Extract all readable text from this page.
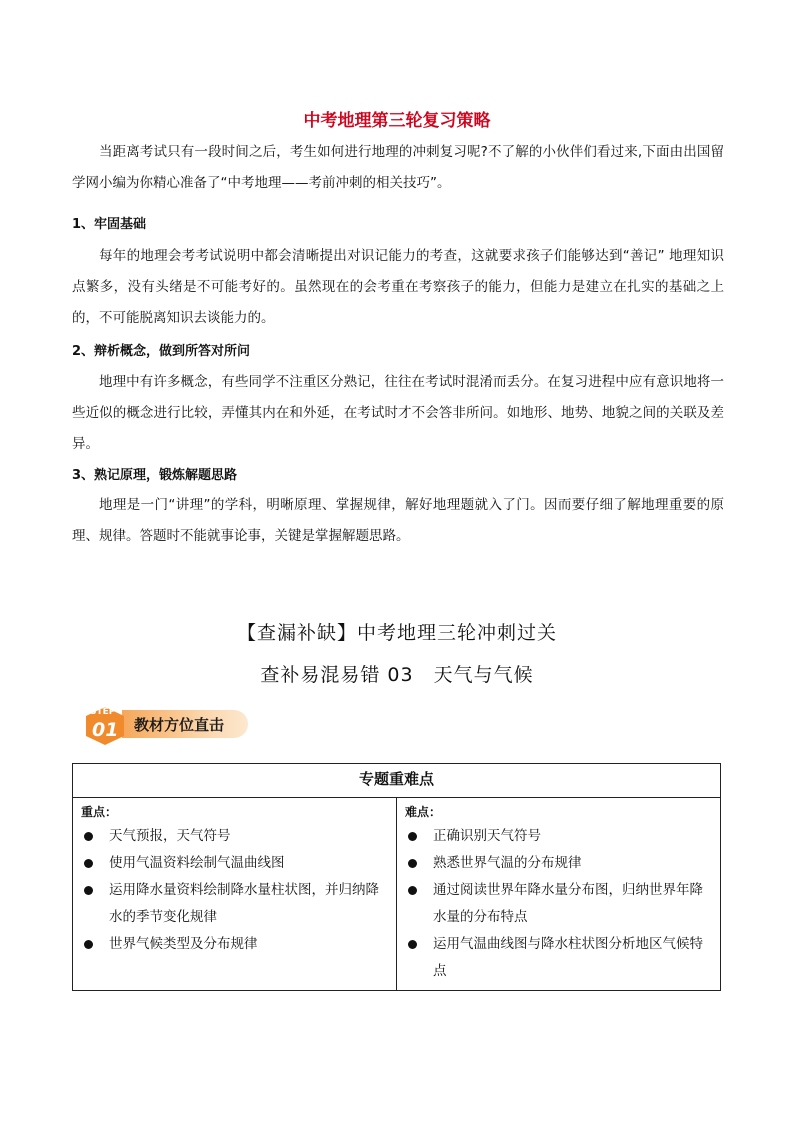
中考地理第三轮复习策略
当距离考试只有一段时间之后，考生如何进行地理的冲刺复习呢?不了解的小伙伴们看过来,下面由出国留学网小编为你精心准备了“中考地理——考前冲刺的相关技巧”。
1、牢固基础
每年的地理会考考试说明中都会清晰提出对识记能力的考查，这就要求孩子们能够达到“善记” 地理知识点繁多，没有头绪是不可能考好的。虽然现在的会考重在考察孩子的能力，但能力是建立在扎实的基础之上的，不可能脱离知识去谈能力的。
2、辩析概念，做到所答对所问
地理中有许多概念，有些同学不注重区分熟记，往往在考试时混淆而丢分。在复习进程中应有意识地将一些近似的概念进行比较，弄懂其内在和外延，在考试时才不会答非所问。如地形、地势、地貌之间的关联及差异。
3、熟记原理，锻炼解题思路
地理是一门“讲理”的学科，明晰原理、掌握规律，解好地理题就入了门。因而要仔细了解地理重要的原理、规律。答题时不能就事论事，关键是掌握解题思路。
【查漏补缺】中考地理三轮冲刺过关
查补易混易错 03　天气与气候
STEP
01 教材方位直击
专题重难点
重点：
天气预报，天气符号
使用气温资料绘制气温曲线图
运用降水量资料绘制降水量柱状图，并归纳降水的季节变化规律
世界气候类型及分布规律
难点：
正确识别天气符号
熟悉世界气温的分布规律
通过阅读世界年降水量分布图，归纳世界年降水量的分布特点
运用气温曲线图与降水柱状图分析地区气候特点
